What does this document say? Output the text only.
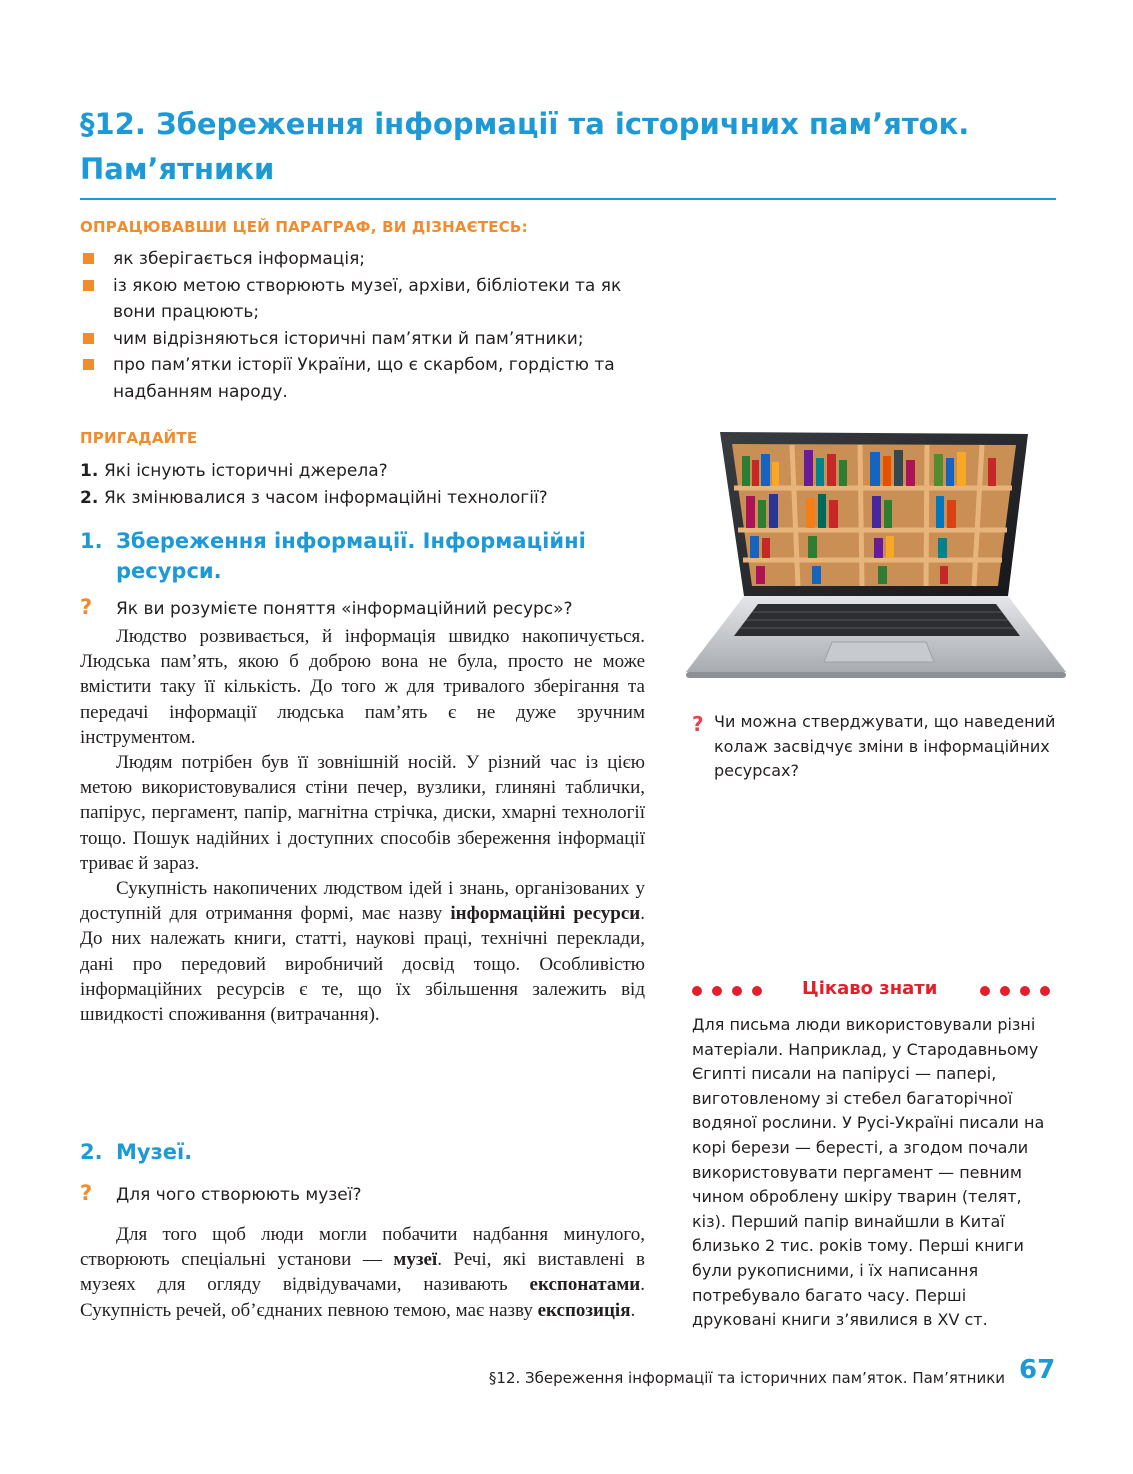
§12. Збереження інформації та історичних пам’яток.
Пам’ятники
ОПРАЦЮВАВШИ ЦЕЙ ПАРАГРАФ, ВИ ДІЗНАЄТЕСЬ:
як зберігається інформація;
із якою метою створюють музеї, архіви, бібліотеки та як вони працюють;
чим відрізняються історичні пам’ятки й пам’ятники;
про пам’ятки історії України, що є скарбом, гордістю та надбанням народу.
ПРИГАДАЙТЕ
1. Які існують історичні джерела?
2. Як змінювалися з часом інформаційні технології?
1. Збереження інформації. Інформаційні
ресурси.
? Як ви розумієте поняття «інформаційний ресурс»?

Людство розвивається, й інформація швидко накопичується. Людська пам’ять, якою б доброю вона не була, просто не може вмістити таку її кількість. До того ж для тривалого зберігання та передачі інформації людська пам’ять є не дуже зручним інструментом.

Людям потрібен був її зовнішній носій. У різний час із цією метою використовувалися стіни печер, вузлики, глиняні таблички, папірус, пергамент, папір, магнітна стрічка, диски, хмарні технології тощо. Пошук надійних і доступних способів збереження інформації триває й зараз.

Сукупність накопичених людством ідей і знань, організованих у доступній для отримання формі, має назву інформаційні ресурси. До них належать книги, статті, наукові праці, технічні переклади, дані про передовий виробничий досвід тощо. Особливістю інформаційних ресурсів є те, що їх збільшення залежить від швидкості споживання (витрачання).

2. Музеї.
? Для чого створюють музеї?

Для того щоб люди могли побачити надбання минулого, створюють спеціальні установи — музеї. Речі, які виставлені в музеях для огляду відвідувачами, називають експонатами. Сукупність речей, об’єднаних певною темою, має назву експозиція.

? Чи можна стверджувати, що наведений колаж засвідчує зміни в інформаційних ресурсах?
Цікаво знати

Для письма люди використовували різні матеріали. Наприклад, у Стародавньому Єгипті писали на папірусі — папері, виготовленому зі стебел багаторічної водяної рослини. У Русі-Україні писали на корі берези — бересті, а згодом почали використовувати пергамент — певним чином оброблену шкіру тварин (телят, кіз). Перший папір винайшли в Китаї близько 2 тис. років тому. Перші книги були рукописними, і їх написання потребувало багато часу. Перші друковані книги з’явилися в XV ст.

§12. Збереження інформації та історичних пам’яток. Пам’ятники 67
